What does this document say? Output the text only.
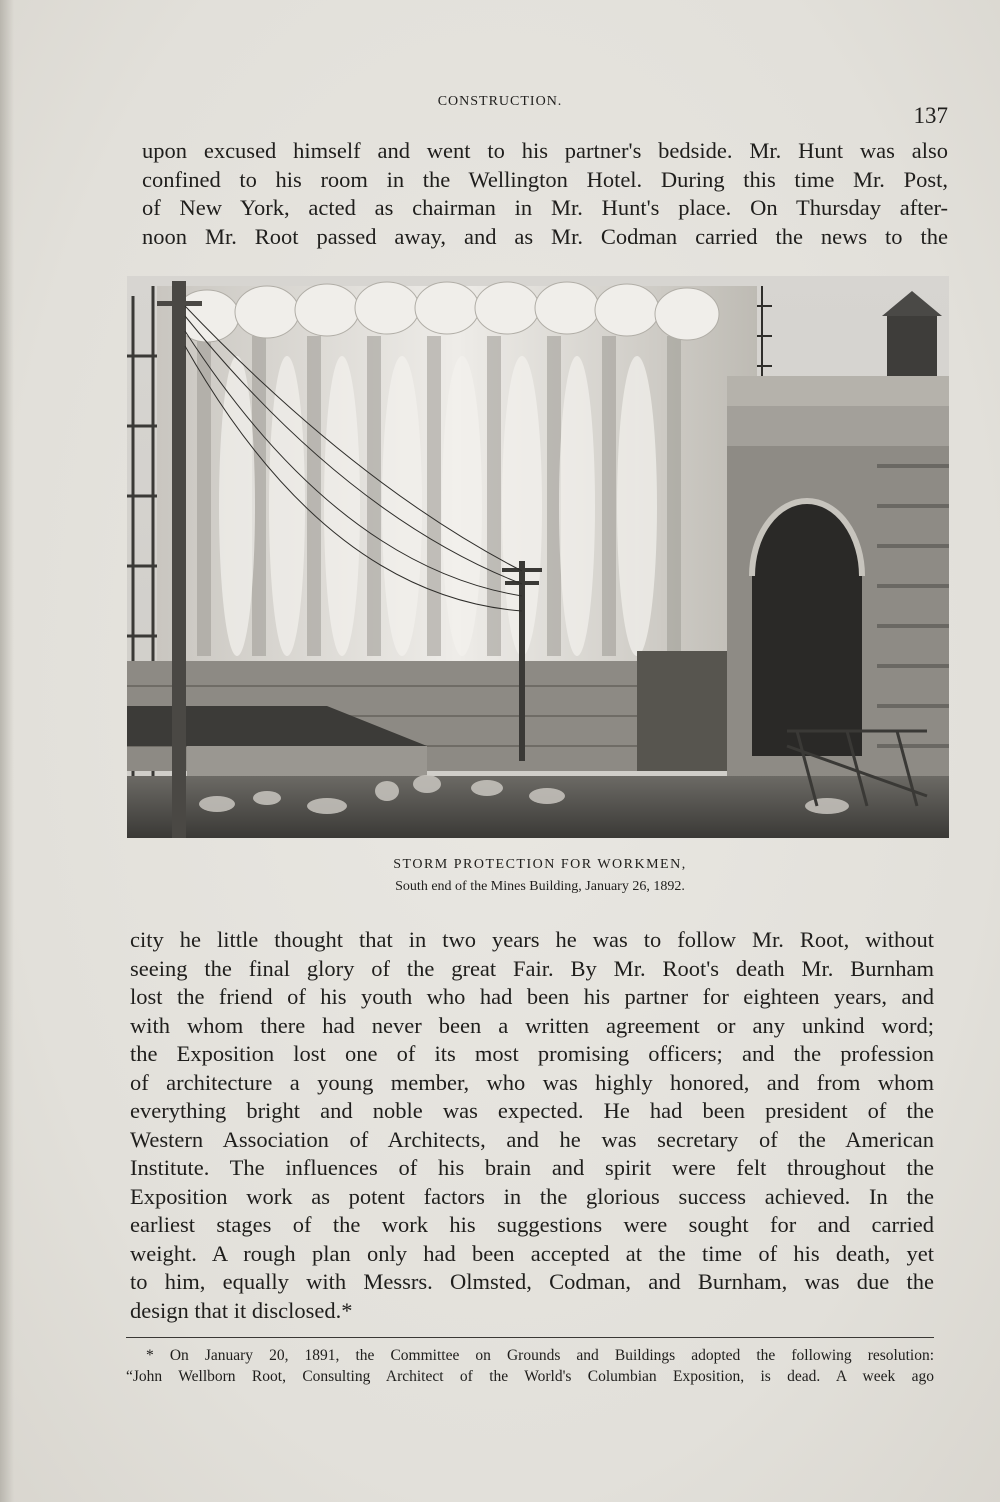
CONSTRUCTION.
137
upon excused himself and went to his partner's bedside. Mr. Hunt was also
confined to his room in the Wellington Hotel. During this time Mr. Post,
of New York, acted as chairman in Mr. Hunt's place. On Thursday after-
noon Mr. Root passed away, and as Mr. Codman carried the news to the
STORM PROTECTION FOR WORKMEN,
South end of the Mines Building, January 26, 1892.
city he little thought that in two years he was to follow Mr. Root, without
seeing the final glory of the great Fair. By Mr. Root's death Mr. Burnham
lost the friend of his youth who had been his partner for eighteen years, and
with whom there had never been a written agreement or any unkind word;
the Exposition lost one of its most promising officers; and the profession
of architecture a young member, who was highly honored, and from whom
everything bright and noble was expected. He had been president of the
Western Association of Architects, and he was secretary of the American
Institute. The influences of his brain and spirit were felt throughout the
Exposition work as potent factors in the glorious success achieved. In the
earliest stages of the work his suggestions were sought for and carried
weight. A rough plan only had been accepted at the time of his death, yet
to him, equally with Messrs. Olmsted, Codman, and Burnham, was due the
design that it disclosed.*
* On January 20, 1891, the Committee on Grounds and Buildings adopted the following resolution:
“John Wellborn Root, Consulting Architect of the World's Columbian Exposition, is dead. A week ago
